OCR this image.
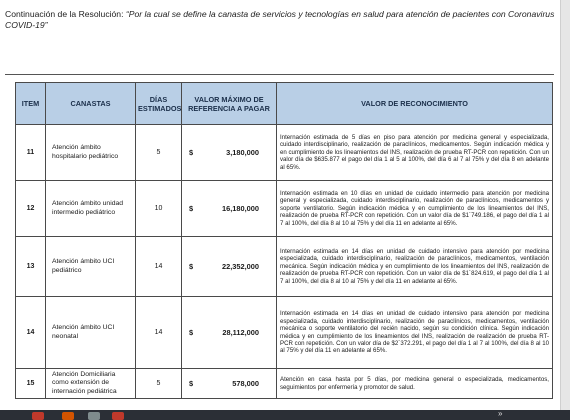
Continuación de la Resolución: “Por la cual se define la canasta de servicios y tecnologías en salud para atención de pacientes con Coronavirus COVID-19”
ITEM	CANASTAS	DÍAS ESTIMADOS	VALOR MÁXIMO DE REFERENCIA A PAGAR	VALOR DE RECONOCIMIENTO
11	Atención ámbito hospitalario pediátrico	5	$ 3,180,000	Internación estimada de 5 días en piso para atención por medicina general y especializada, cuidado interdisciplinario, realización de paraclínicos, medicamentos. Según indicación médica y en cumplimiento de los lineamientos del INS, realización de prueba RT-PCR con repetición. Con un valor día de $635.877 el pago del día 1 al 5 al 100%, del día 6 al 7 al 75% y del día 8 en adelante al 65%.
12	Atención ámbito unidad intermedio pediátrico	10	$ 16,180,000	Internación estimada en 10 días en unidad de cuidado intermedio para atención por medicina general y especializada, cuidado interdisciplinario, realización de paraclínicos, medicamentos y soporte ventilatorio. Según indicación médica y en cumplimiento de los lineamientos del INS, realización de prueba RT-PCR con repetición. Con un valor día de $1´749.186, el pago del día 1 al 7 al 100%, del día 8 al 10 al 75% y del día 11 en adelante al 65%.
13	Atención ámbito UCI pediátrico	14	$ 22,352,000	Internación estimada en 14 días en unidad de cuidado intensivo para atención por medicina especializada, cuidado interdisciplinario, realización de paraclínicos, medicamentos, ventilación mecánica. Según indicación médica y en cumplimiento de los lineamientos del INS, realización de realización de prueba RT-PCR con repetición. Con un valor día de $1´824.619, el pago del día 1 al 7 al 100%, del día 8 al 10 al 75% y del día 11 en adelante al 65%.
14	Atención ámbito UCI neonatal	14	$ 28,112,000	Internación estimada en 14 días en unidad de cuidado intensivo para atención por medicina especializada, cuidado interdisciplinario, realización de paraclínicos, medicamentos, ventilación mecánica o soporte ventilatorio del recién nacido, según su condición clínica. Según indicación médica y en cumplimiento de los lineamientos del INS, realización de realización de prueba RT-PCR con repetición. Con un valor día de $2´372.291, el pago del día 1 al 7 al 100%, del día 8 al 10 al 75% y del día 11 en adelante al 65%.
15	Atención Domiciliaria como extensión de internación pediátrica	5	$ 578,000	Atención en casa hasta por 5 días, por medicina general o especializada, medicamentos, seguimientos por enfermería y promotor de salud.
»
